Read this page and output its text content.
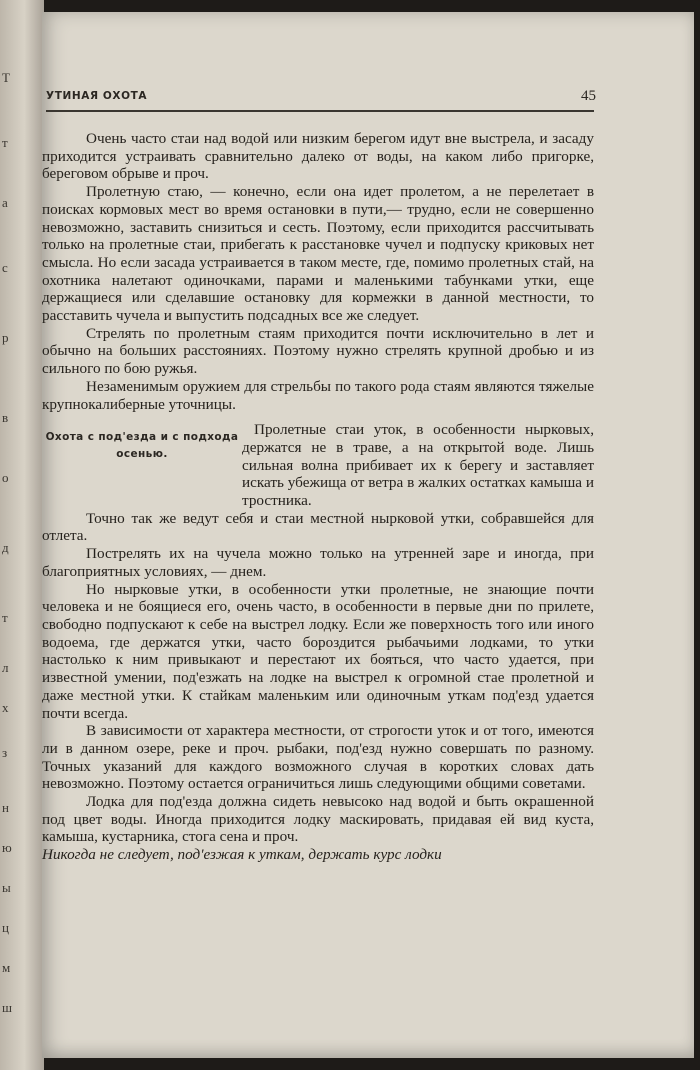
Т
т
а
с
р
в
о
д
т
л
х
з
н
ю
ы
ц
м
ш
УТИНАЯ ОХОТА	45

Очень часто стаи над водой или низким берегом идут вне выстрела, и засаду приходится устраивать сравнительно далеко от воды, на каком либо пригорке, береговом обрыве и проч.

Пролетную стаю, — конечно, если она идет пролетом, а не перелетает в поисках кормовых мест во время остановки в пути,— трудно, если не совершенно невозможно, заставить снизиться и сесть. Поэтому, если приходится рассчитывать только на пролетные стаи, прибегать к расстановке чучел и подпуску криковых нет смысла. Но если засада устраивается в таком месте, где, помимо пролетных стай, на охотника налетают одиночками, парами и маленькими табунками утки, еще держащиеся или сделавшие остановку для кормежки в данной местности, то расставить чучела и выпустить подсадных все же следует.

Стрелять по пролетным стаям приходится почти исключительно в лет и обычно на больших расстояниях. Поэтому нужно стрелять крупной дробью и из сильного по бою ружья.

Незаменимым оружием для стрельбы по такого рода стаям являются тяжелые крупнокалиберные уточницы.

Охота с под'езда и с подхода осенью.

Пролетные стаи уток, в особенности нырковых, держатся не в траве, а на открытой воде. Лишь сильная волна прибивает их к берегу и заставляет искать убежища от ветра в жалких остатках камыша и тростника.

Точно так же ведут себя и стаи местной нырковой утки, собравшейся для отлета.

Пострелять их на чучела можно только на утренней заре и иногда, при благоприятных условиях, — днем.

Но нырковые утки, в особенности утки пролетные, не знающие почти человека и не боящиеся его, очень часто, в особенности в первые дни по прилете, свободно подпускают к себе на выстрел лодку. Если же поверхность того или иного водоема, где держатся утки, часто бороздится рыбачьими лодками, то утки настолько к ним привыкают и перестают их бояться, что часто удается, при известной умении, под'езжать на лодке на выстрел к огромной стае пролетной и даже местной утки. К стайкам маленьким или одиночным уткам под'езд удается почти всегда.

В зависимости от характера местности, от строгости уток и от того, имеются ли в данном озере, реке и проч. рыбаки, под'езд нужно совершать по разному. Точных указаний для каждого возможного случая в коротких словах дать невозможно. Поэтому остается ограничиться лишь следующими общими советами.

Лодка для под'езда должна сидеть невысоко над водой и быть окрашенной под цвет воды. Иногда приходится лодку маскировать, придавая ей вид куста, камыша, кустарника, стога сена и проч.

Никогда не следует, под'езжая к уткам, держать курс лодки
